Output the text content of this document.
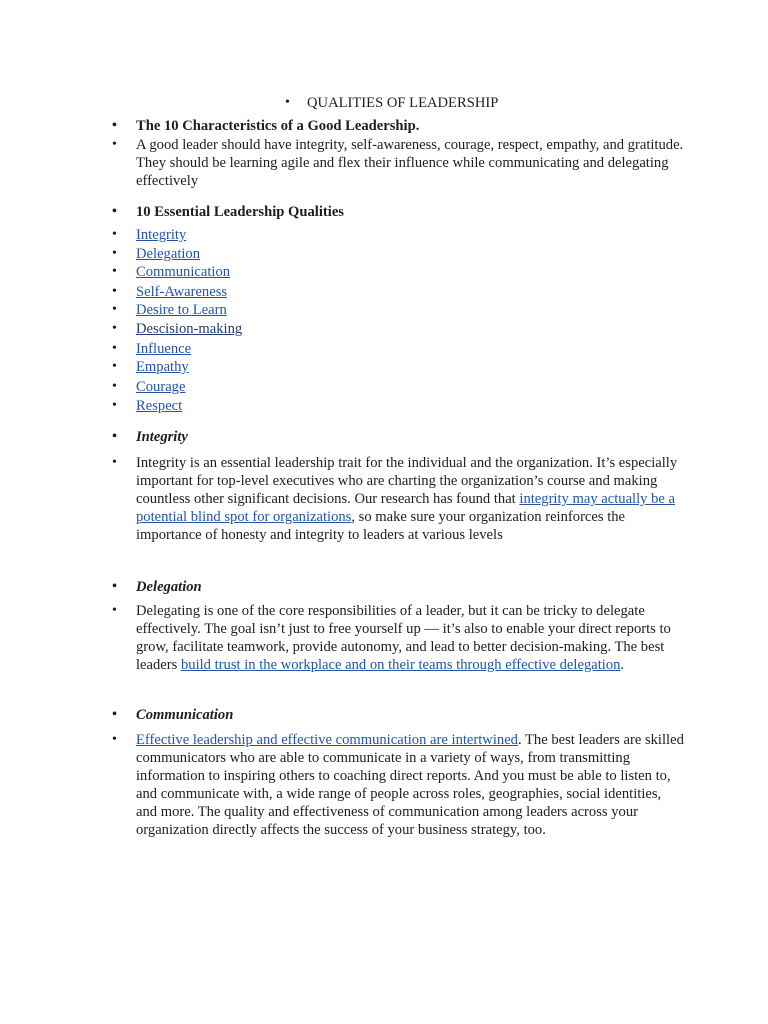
• QUALITIES OF LEADERSHIP
• The 10 Characteristics of a Good Leadership.
• A good leader should have integrity, self-awareness, courage, respect, empathy, and gratitude. They should be learning agile and flex their influence while communicating and delegating effectively
• 10 Essential Leadership Qualities
• Integrity
• Delegation
• Communication
• Self-Awareness
• Desire to Learn
• Descision-making
• Influence
• Empathy
• Courage
• Respect
• Integrity

• Integrity is an essential leadership trait for the individual and the organization. It’s especially important for top-level executives who are charting the organization’s course and making countless other significant decisions. Our research has found that integrity may actually be a potential blind spot for organizations, so make sure your organization reinforces the importance of honesty and integrity to leaders at various levels

• Delegation

• Delegating is one of the core responsibilities of a leader, but it can be tricky to delegate effectively. The goal isn’t just to free yourself up — it’s also to enable your direct reports to grow, facilitate teamwork, provide autonomy, and lead to better decision-making. The best leaders build trust in the workplace and on their teams through effective delegation.

• Communication

• Effective leadership and effective communication are intertwined. The best leaders are skilled communicators who are able to communicate in a variety of ways, from transmitting information to inspiring others to coaching direct reports. And you must be able to listen to, and communicate with, a wide range of people across roles, geographies, social identities, and more. The quality and effectiveness of communication among leaders across your organization directly affects the success of your business strategy, too.
